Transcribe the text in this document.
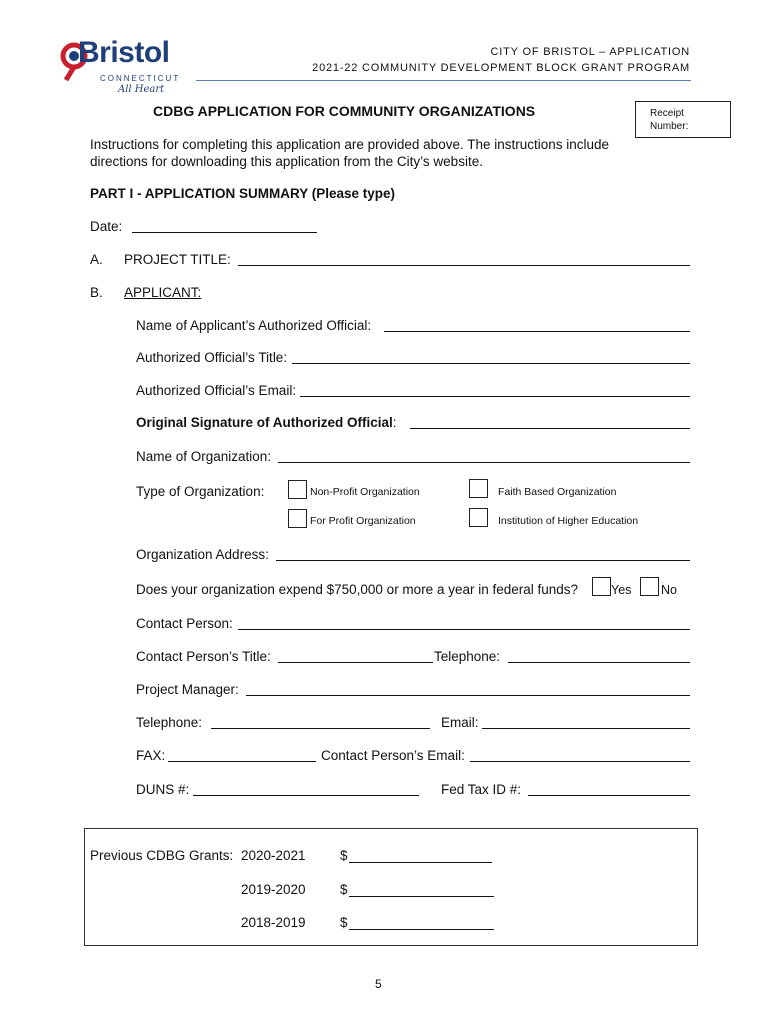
Bristol
CONNECTICUT
All Heart
CITY OF BRISTOL – APPLICATION
2021-22 COMMUNITY DEVELOPMENT BLOCK GRANT PROGRAM
CDBG APPLICATION FOR COMMUNITY ORGANIZATIONS	Receipt
Number:
Instructions for completing this application are provided above. The instructions include
directions for downloading this application from the City’s website.
PART I - APPLICATION SUMMARY (Please type)
Date:
A. PROJECT TITLE:
B. APPLICANT:
Name of Applicant’s Authorized Official:
Authorized Official’s Title:
Authorized Official’s Email:
Original Signature of Authorized Official:
Name of Organization:
Type of Organization:	Non-Profit Organization	Faith Based Organization
For Profit Organization	Institution of Higher Education
Organization Address:
Does your organization expend $750,000 or more a year in federal funds?	Yes No
Contact Person:
Contact Person’s Title:	Telephone:
Project Manager:
Telephone:	Email:
FAX:	Contact Person’s Email:
DUNS #:	Fed Tax ID #:
Previous CDBG Grants: 2020-2021	$
2019-2020	$
2018-2019	$
5
